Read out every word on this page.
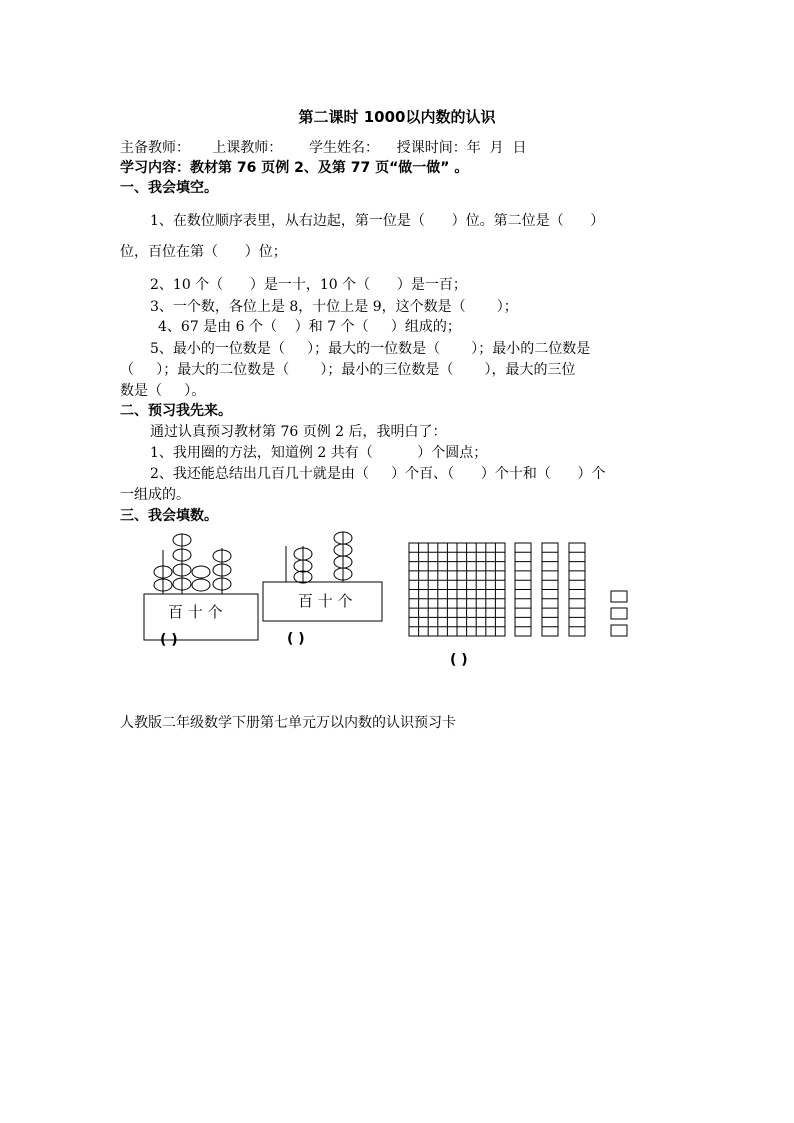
第二课时 1000以内数的认识
主备教师：     上课教师：      学生姓名：    授课时间：年  月  日
学习内容：教材第 76 页例 2、及第 77 页“做一做” 。
一、我会填空。
1、在数位顺序表里，从右边起，第一位是（      ）位。第二位是（      ）
位，百位在第（      ）位；
2、10 个（      ）是一十，10 个（      ）是一百；
3、一个数，各位上是 8，十位上是 9，这个数是（       ）；
4、67 是由 6 个（    ）和 7 个（     ）组成的；
5、最小的一位数是（     ）；最大的一位数是（       ）；最小的二位数是
（     ）；最大的二位数是（       ）；最小的三位数是（       ），最大的三位
数是（     ）。
二、预习我先来。
通过认真预习教材第 76 页例 2 后，我明白了：
1、我用圈的方法，知道例 2 共有（          ）个圆点；
2、我还能总结出几百几十就是由（     ）个百、（      ）个十和（      ）个
一组成的。
三、我会填数。
百 十 个
( )
百 十 个
( )
( )
人教版二年级数学下册第七单元万以内数的认识预习卡
